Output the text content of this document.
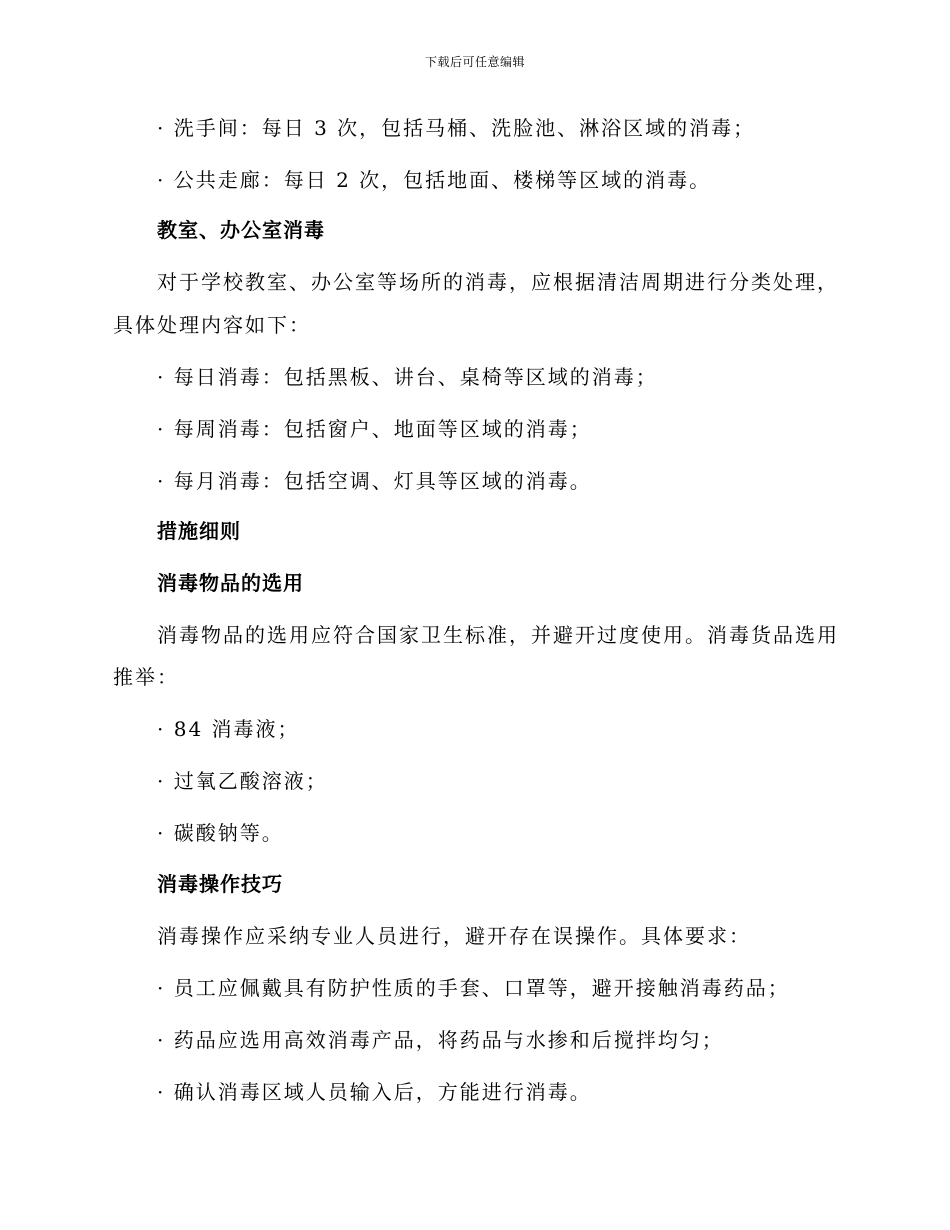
下载后可任意编辑
· 洗手间：每日 3 次，包括马桶、洗脸池、淋浴区域的消毒；
· 公共走廊：每日 2 次，包括地面、楼梯等区域的消毒。
教室、办公室消毒
对于学校教室、办公室等场所的消毒，应根据清洁周期进行分类处理，
具体处理内容如下：
· 每日消毒：包括黑板、讲台、桌椅等区域的消毒；
· 每周消毒：包括窗户、地面等区域的消毒；
· 每月消毒：包括空调、灯具等区域的消毒。
措施细则
消毒物品的选用
消毒物品的选用应符合国家卫生标准，并避开过度使用。消毒货品选用
推举：
· 84 消毒液；
· 过氧乙酸溶液；
· 碳酸钠等。
消毒操作技巧
消毒操作应采纳专业人员进行，避开存在误操作。具体要求：
· 员工应佩戴具有防护性质的手套、口罩等，避开接触消毒药品；
· 药品应选用高效消毒产品，将药品与水掺和后搅拌均匀；
· 确认消毒区域人员输入后，方能进行消毒。
